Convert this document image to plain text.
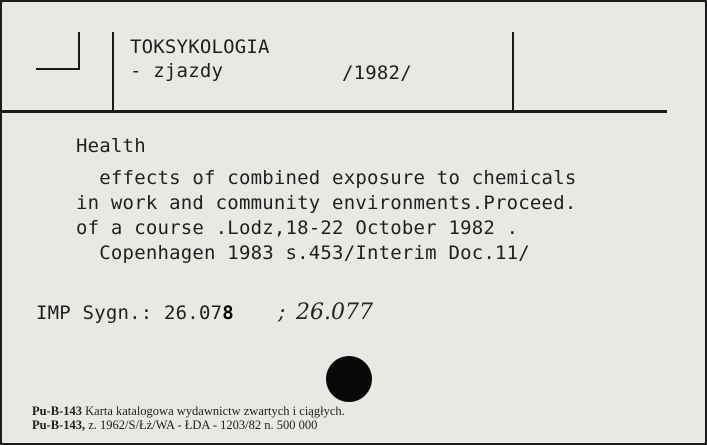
TOKSYKOLOGIA
- zjazdy	/1982/
Health
effects of combined exposure to chemicals
in work and community environments.Proceed.
of a course .Lodz,18-22 October 1982 .
Copenhagen 1983 s.453/Interim Doc.11/
IMP Sygn.: 26.078 ; 26.077
Pu-B-143 Karta katalogowa wydawnictw zwartych i ciągłych.
Pu-B-143, z. 1962/S/Łż/WA - ŁDA - 1203/82 n. 500 000
